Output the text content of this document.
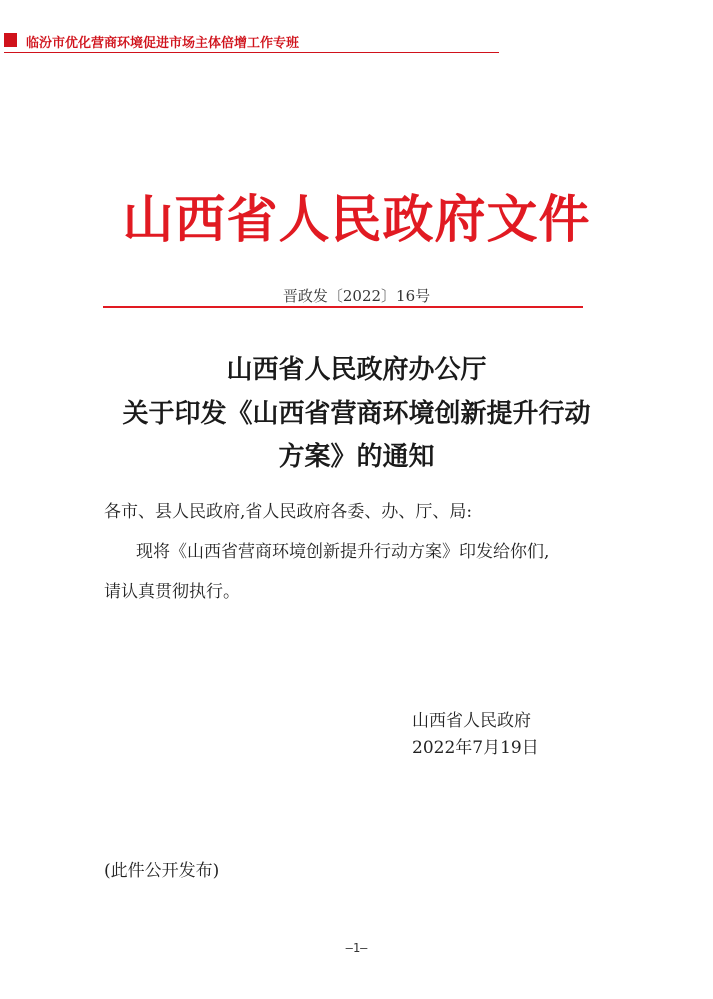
临汾市优化营商环境促进市场主体倍增工作专班
山西省人民政府文件
晋政发〔2022〕16号
山西省人民政府办公厅
关于印发《山西省营商环境创新提升行动
方案》的通知
各市、县人民政府,省人民政府各委、办、厅、局:
现将《山西省营商环境创新提升行动方案》印发给你们,
请认真贯彻执行。
山西省人民政府
2022年7月19日
(此件公开发布)
—1—
